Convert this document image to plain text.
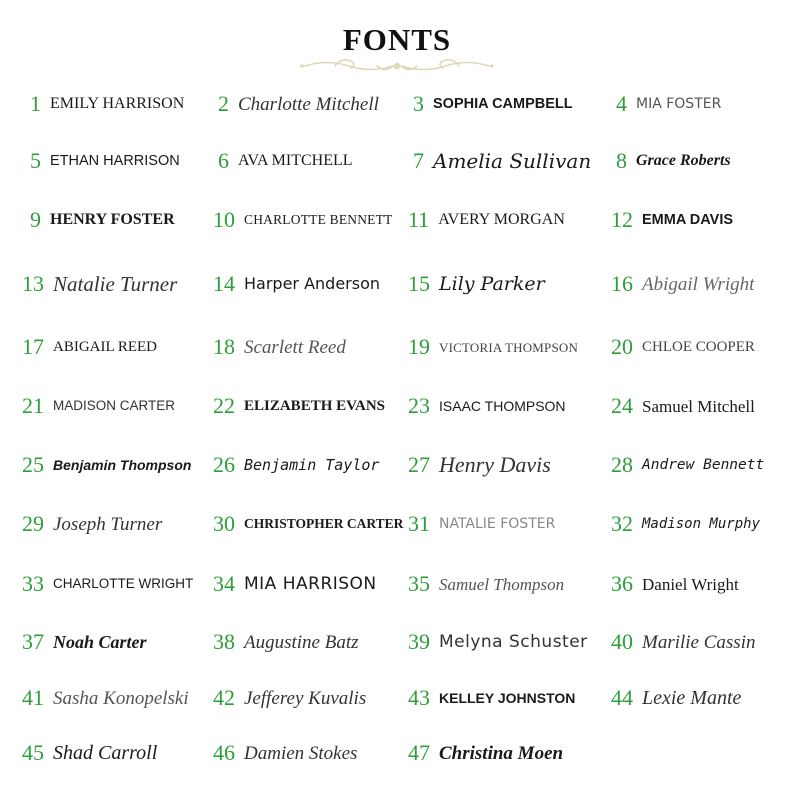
FONTS
1 EMILY HARRISON 2 Charlotte Mitchell 3 SOPHIA CAMPBELL 4 MIA FOSTER
5 ETHAN HARRISON 6 AVA MITCHELL	7 Amelia Sullivan 8 Grace Roberts
9 HENRY FOSTER 10 CHARLOTTE BENNETT 11 AVERY MORGAN 12 EMMA DAVIS
13 Natalie Turner 14 Harper Anderson 15 Lily Parker	16 Abigail Wright
17 ABIGAIL REED	18 Scarlett Reed	19 VICTORIA THOMPSON 20 CHLOE COOPER
21 MADISON CARTER 22 ELIZABETH EVANS 23 ISAAC THOMPSON 24 Samuel Mitchell
25 Benjamin Thompson 26 Benjamin Taylor 27 Henry Davis	28 Andrew Bennett
29 Joseph Turner 30 CHRISTOPHER CARTER 31 NATALIE FOSTER	32 Madison Murphy
33 CHARLOTTE WRIGHT 34 MIA HARRISON 35 Samuel Thompson 36 Daniel Wright
37 Noah Carter	38 Augustine Batz 39 Melyna Schuster 40 Marilie Cassin
41 Sasha Konopelski 42 Jefferey Kuvalis 43 KELLEY JOHNSTON 44 Lexie Mante
45 Shad Carroll	46 Damien Stokes 47 Christina Moen
